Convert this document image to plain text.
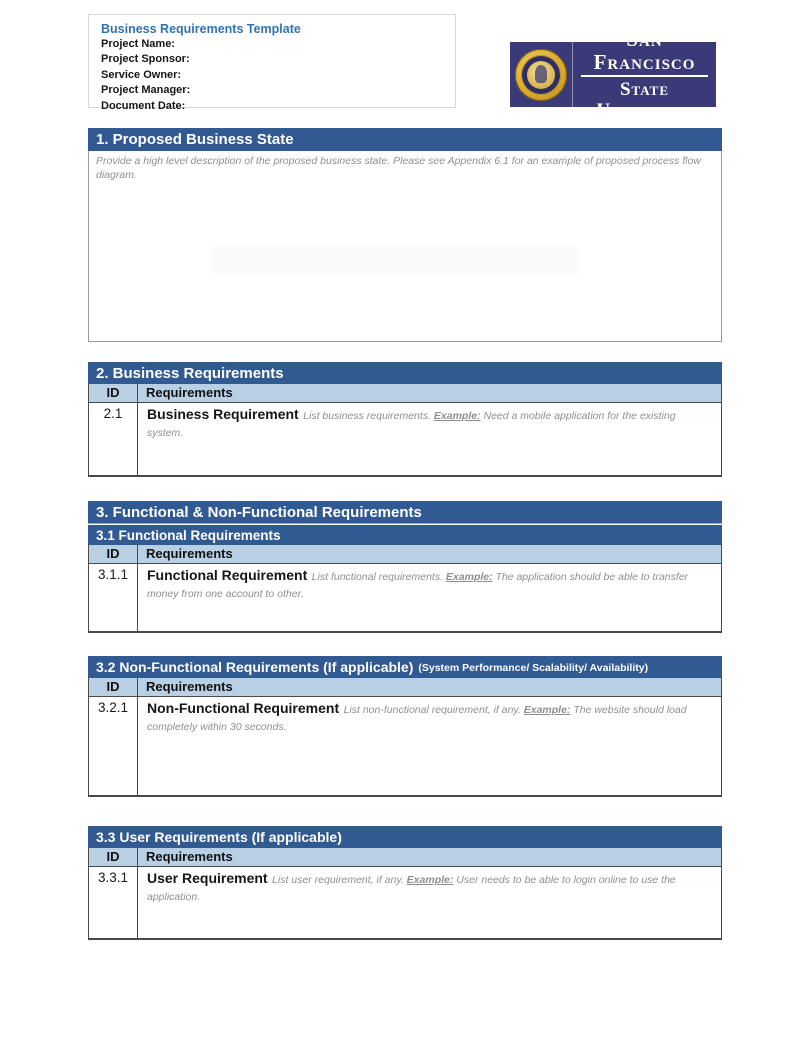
Business Requirements Template
Project Name:
Project Sponsor:
Service Owner:
Project Manager:
Document Date:
San Francisco
State University
1. Proposed Business State
Provide a high level description of the proposed business state. Please see Appendix 6.1 for an example of proposed process flow diagram.
2. Business Requirements
ID	Requirements
2.1	Business Requirement List business requirements. Example: Need a mobile application for the existing system.
3. Functional & Non-Functional Requirements
3.1 Functional Requirements
ID	Requirements
3.1.1	Functional Requirement List functional requirements. Example: The application should be able to transfer money from one account to other.
3.2 Non-Functional Requirements (If applicable) (System Performance/ Scalability/ Availability)
ID	Requirements
3.2.1	Non-Functional Requirement List non-functional requirement, if any. Example: The website should load completely within 30 seconds.
3.3 User Requirements (If applicable)
ID	Requirements
3.3.1	User Requirement List user requirement, if any. Example: User needs to be able to login online to use the application.
